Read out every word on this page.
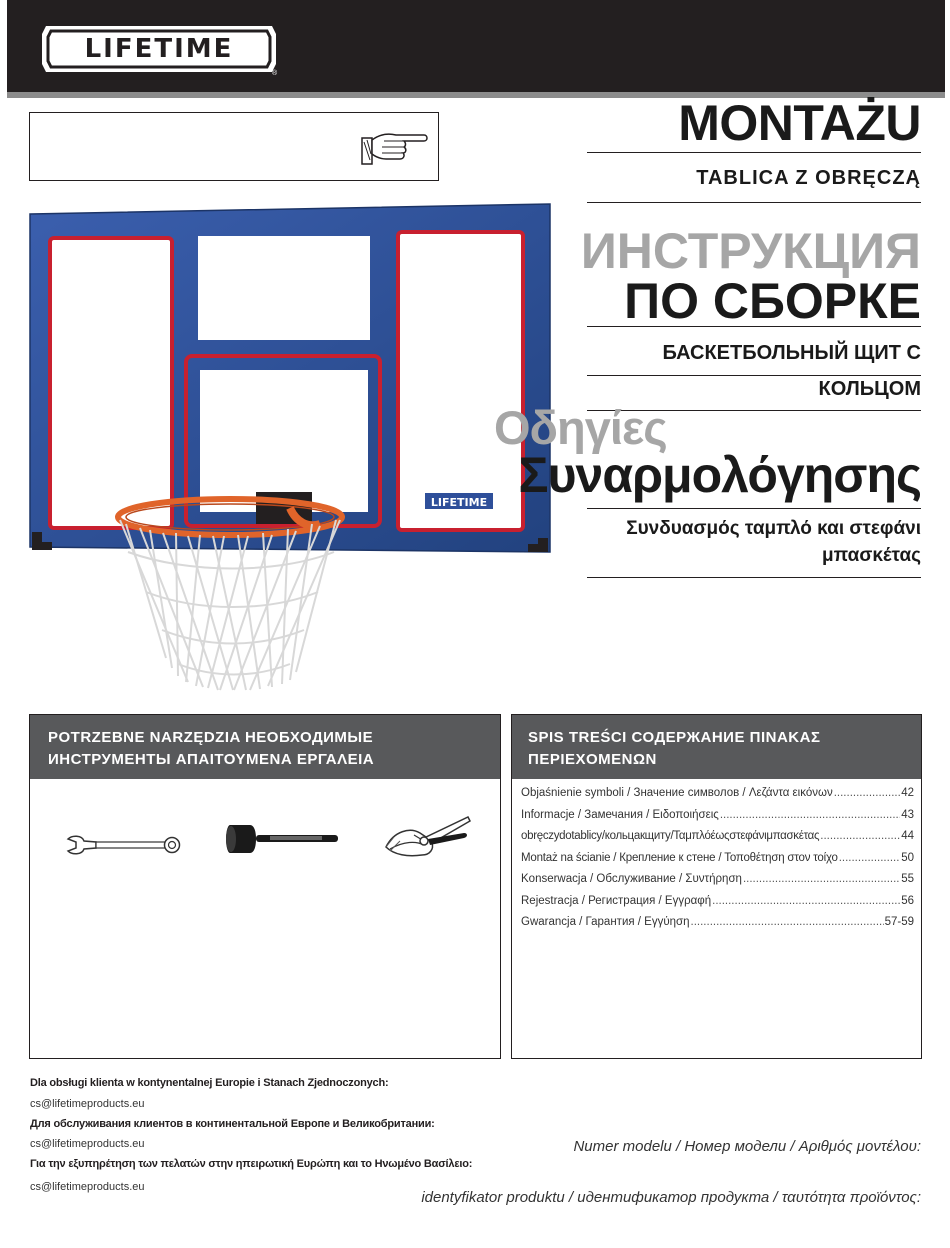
LIFETIME
®
LIFETIME
MONTAŻU
TABLICA Z OBRĘCZĄ
ИНСТРУКЦИЯ
ПО СБОРКЕ
БАСКЕТБОЛЬНЫЙ ЩИТ С
КОЛЬЦОМ
Οδηγίες
Συναρμολόγησης
Συνδυασμός ταμπλό και στεφάνι
μπασκέτας
POTRZEBNE NARZĘDZIA НЕОБХОДИМЫЕ
ИНСТРУМЕНТЫ ΑΠΑΙΤΟΥΜΕΝΑ ΕΡΓΑΛΕΙΑ
SPIS TREŚCI СОДЕРЖАНИЕ ΠΙΝΑΚΑΣ
ΠΕΡΙΕΧΟΜΕΝΩΝ
Objaśnienie symboli / Значение символов / Λεζάντα εικόνων .....	42
Informacje / Замечания / Ειδοποιήσεις .....	43
obręczydotablicy/кольцакщиту/Ταμπλόέωςστεφάνιμπασκέτας .....	44
Montaż na ścianie / Крепление к стене / Τοποθέτηση στον τοίχο .....	50
Konserwacja / Обслуживание / Συντήρηση .....	55
Rejestracja / Регистрация / Εγγραφή .....	56
Gwarancja / Гарантия / Εγγύηση .....	57-59
Dla obsługi klienta w kontynentalnej Europie i Stanach Zjednoczonych:
cs@lifetimeproducts.eu
Для обслуживания клиентов в континентальной Европе и Великобритании:
cs@lifetimeproducts.eu
Για την εξυπηρέτηση των πελατών στην ηπειρωτική Ευρώπη και το Ηνωμένο Βασίλειο:
cs@lifetimeproducts.eu
Numer modelu / Номер модели / Αριθμός μοντέλου:
identyfikator produktu / идентификатор продукта / ταυτότητα προϊόντος:
